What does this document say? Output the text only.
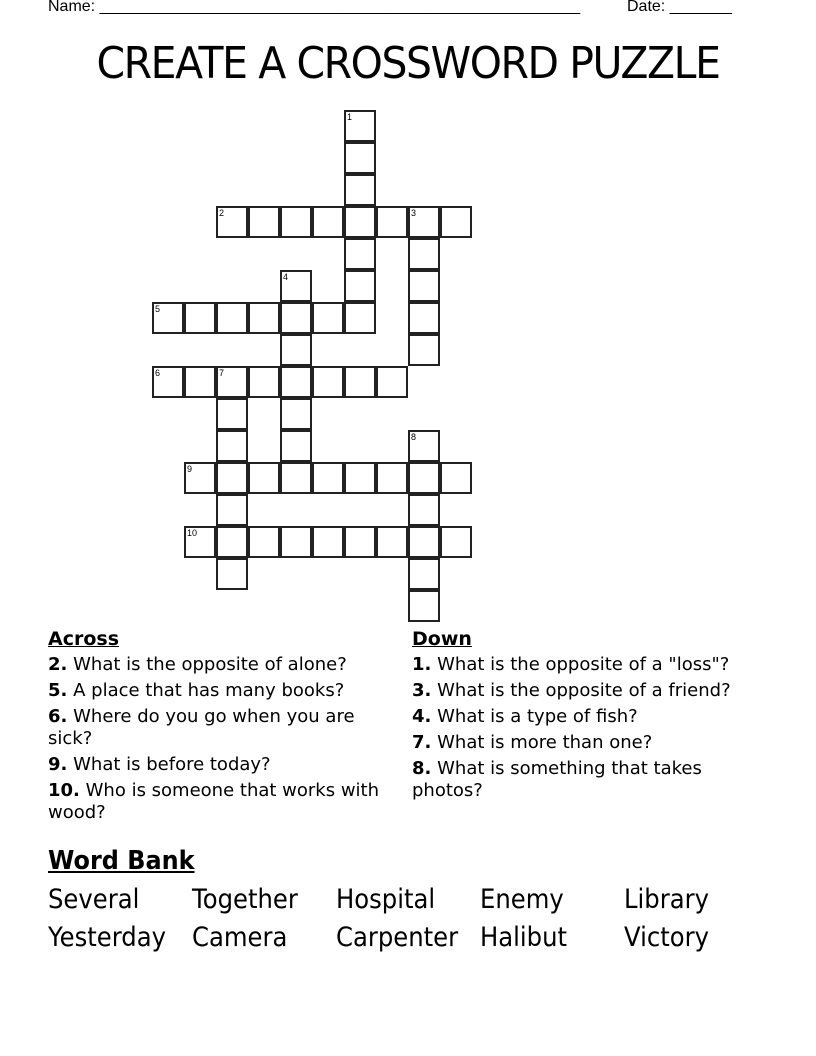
Name: ______________________________________________________	Date: _______
CREATE A CROSSWORD PUZZLE
1
2	3
4
5
6	7
8
9
10
Across
2. What is the opposite of alone?
5. A place that has many books?
6. Where do you go when you are sick?
9. What is before today?
10. Who is someone that works with wood?
Down
1. What is the opposite of a "loss"?
3. What is the opposite of a friend?
4. What is a type of fish?
7. What is more than one?
8. What is something that takes photos?
Word Bank
Several	Together	Hospital	Enemy	Library
Yesterday Camera	Carpenter Halibut	Victory
